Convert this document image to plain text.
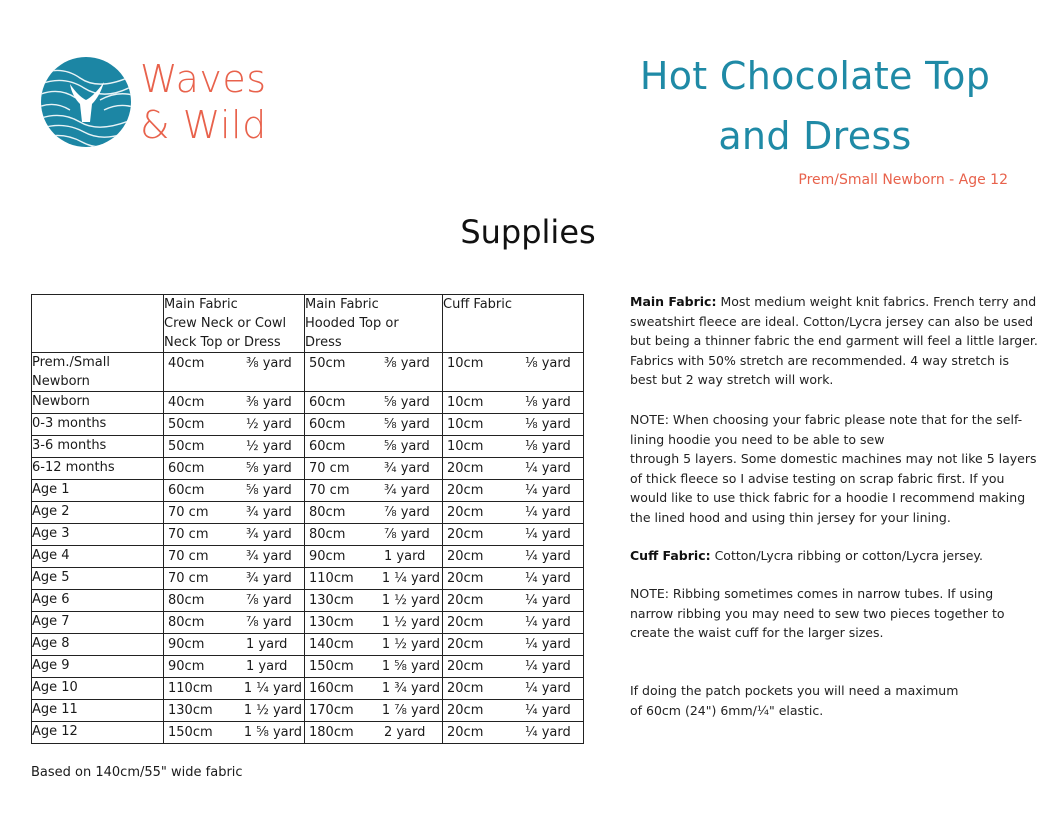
Waves
& Wild
Hot Chocolate Top
and Dress
Prem/Small Newborn - Age 12
Supplies
	Main Fabric
Crew Neck or Cowl
Neck Top or Dress	Main Fabric
Hooded Top or
Dress	Cuff Fabric
Prem./Small
Newborn	40cm ⅜ yard	50cm ⅜ yard	10cm ⅛ yard

Newborn	40cm ⅜ yard	60cm ⅝ yard	10cm ⅛ yard

0-3 months	50cm ½ yard	60cm ⅝ yard	10cm ⅛ yard

3-6 months	50cm ½ yard	60cm ⅝ yard	10cm ⅛ yard

6-12 months	60cm ⅝ yard	70 cm ¾ yard	20cm ¼ yard

Age 1	60cm ⅝ yard	70 cm ¾ yard	20cm ¼ yard

Age 2	70 cm ¾ yard	80cm ⅞ yard	20cm ¼ yard

Age 3	70 cm ¾ yard	80cm ⅞ yard	20cm ¼ yard

Age 4	70 cm ¾ yard	90cm 1 yard	20cm ¼ yard

Age 5	70 cm ¾ yard	110cm 1 ¼ yard	20cm ¼ yard

Age 6	80cm ⅞ yard	130cm 1 ½ yard	20cm ¼ yard

Age 7	80cm ⅞ yard	130cm 1 ½ yard	20cm ¼ yard

Age 8	90cm 1 yard	140cm 1 ½ yard	20cm ¼ yard

Age 9	90cm 1 yard	150cm 1 ⅝ yard	20cm ¼ yard

Age 10	110cm 1 ¼ yard	160cm 1 ¾ yard	20cm ¼ yard

Age 11	130cm 1 ½ yard	170cm 1 ⅞ yard	20cm ¼ yard

Age 12	150cm 1 ⅝ yard	180cm 2 yard	20cm ¼ yard
Based on 140cm/55" wide fabric

Main Fabric: Most medium weight knit fabrics. French terry and sweatshirt fleece are ideal. Cotton/Lycra jersey can also be used but being a thinner fabric the end garment will feel a little larger. Fabrics with 50% stretch are recommended. 4 way stretch is best but 2 way stretch will work.

NOTE: When choosing your fabric please note that for the self-lining hoodie you need to be able to sew
through 5 layers. Some domestic machines may not like 5 layers of thick fleece so I advise testing on scrap fabric first. If you would like to use thick fabric for a hoodie I recommend making the lined hood and using thin jersey for your lining.

Cuff Fabric: Cotton/Lycra ribbing or cotton/Lycra jersey.

NOTE: Ribbing sometimes comes in narrow tubes. If using narrow ribbing you may need to sew two pieces together to create the waist cuff for the larger sizes.

If doing the patch pockets you will need a maximum
of 60cm (24") 6mm/¼" elastic.
